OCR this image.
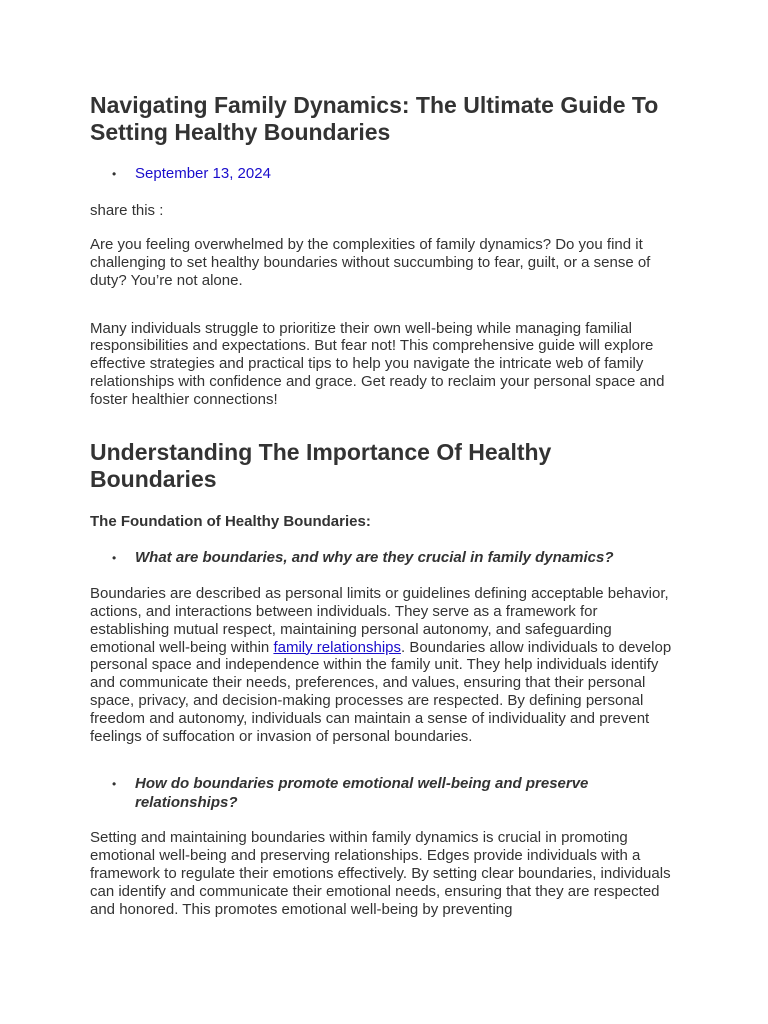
Navigating Family Dynamics: The Ultimate Guide To Setting Healthy Boundaries
• September 13, 2024

share this :

Are you feeling overwhelmed by the complexities of family dynamics? Do you find it challenging to set healthy boundaries without succumbing to fear, guilt, or a sense of duty? You’re not alone.

Many individuals struggle to prioritize their own well-being while managing familial responsibilities and expectations. But fear not! This comprehensive guide will explore effective strategies and practical tips to help you navigate the intricate web of family relationships with confidence and grace. Get ready to reclaim your personal space and foster healthier connections!

Understanding The Importance Of Healthy Boundaries

The Foundation of Healthy Boundaries:

• What are boundaries, and why are they crucial in family dynamics?

Boundaries are described as personal limits or guidelines defining acceptable behavior, actions, and interactions between individuals. They serve as a framework for establishing mutual respect, maintaining personal autonomy, and safeguarding emotional well-being within family relationships. Boundaries allow individuals to develop personal space and independence within the family unit. They help individuals identify and communicate their needs, preferences, and values, ensuring that their personal space, privacy, and decision-making processes are respected. By defining personal freedom and autonomy, individuals can maintain a sense of individuality and prevent feelings of suffocation or invasion of personal boundaries.

• How do boundaries promote emotional well-being and preserve relationships?

Setting and maintaining boundaries within family dynamics is crucial in promoting emotional well-being and preserving relationships. Edges provide individuals with a framework to regulate their emotions effectively. By setting clear boundaries, individuals can identify and communicate their emotional needs, ensuring that they are respected and honored. This promotes emotional well-being by preventing
